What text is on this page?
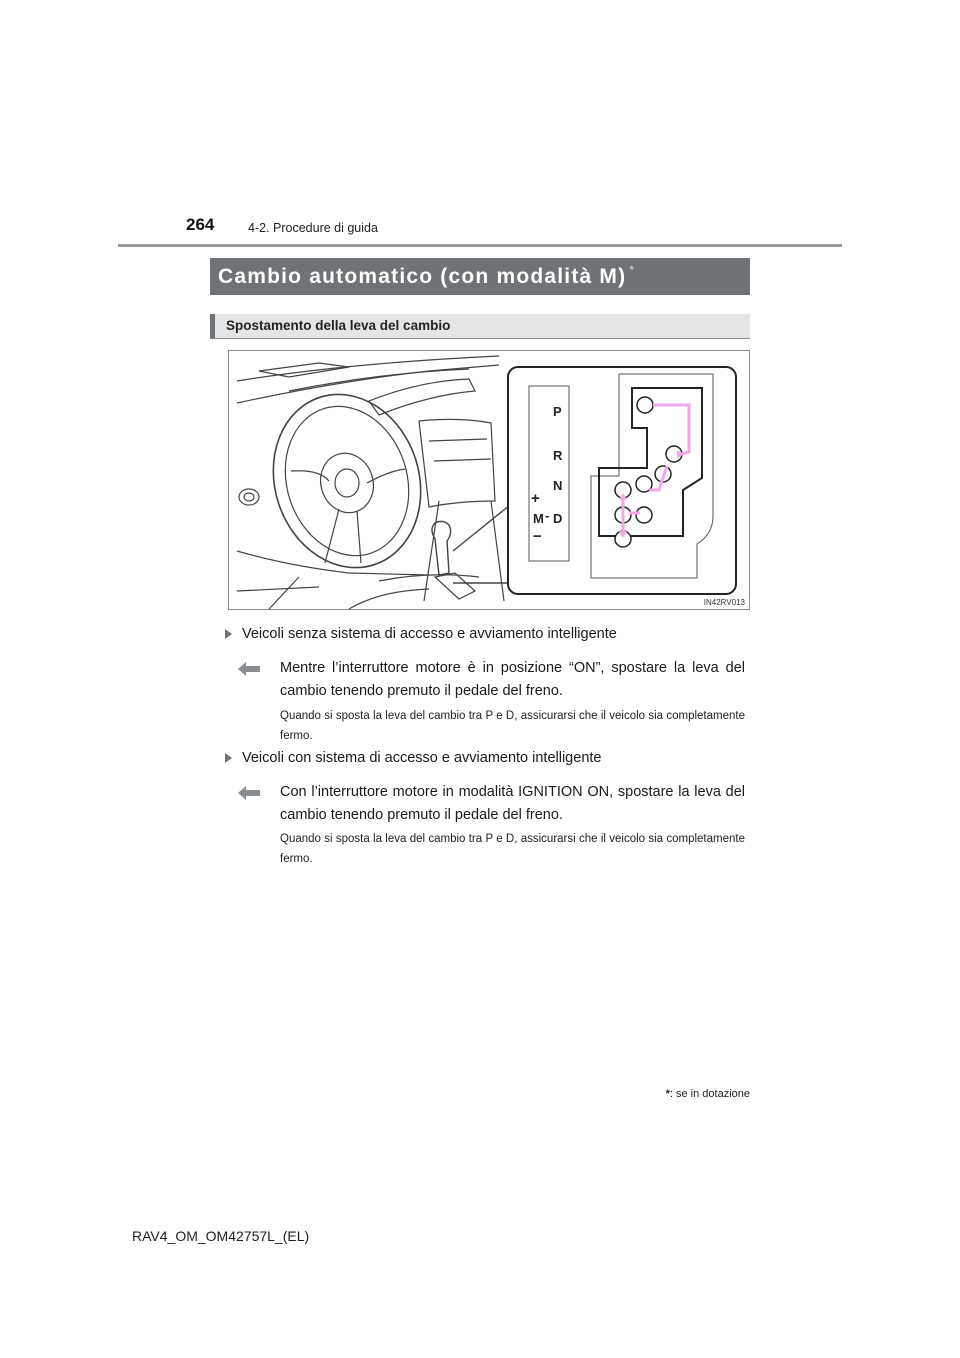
264	4-2. Procedure di guida
Cambio automatico (con modalità M) *
Spostamento della leva del cambio
P
R
N
+
M - D
−
IN42RV013
Veicoli senza sistema di accesso e avviamento intelligente
Mentre l’interruttore motore è in posizione “ON”, spostare la leva del cambio tenendo premuto il pedale del freno.
Quando si sposta la leva del cambio tra P e D, assicurarsi che il veicolo sia completamente fermo.
Veicoli con sistema di accesso e avviamento intelligente
Con l’interruttore motore in modalità IGNITION ON, spostare la leva del cambio tenendo premuto il pedale del freno.
Quando si sposta la leva del cambio tra P e D, assicurarsi che il veicolo sia completamente fermo.
*: se in dotazione
RAV4_OM_OM42757L_(EL)
